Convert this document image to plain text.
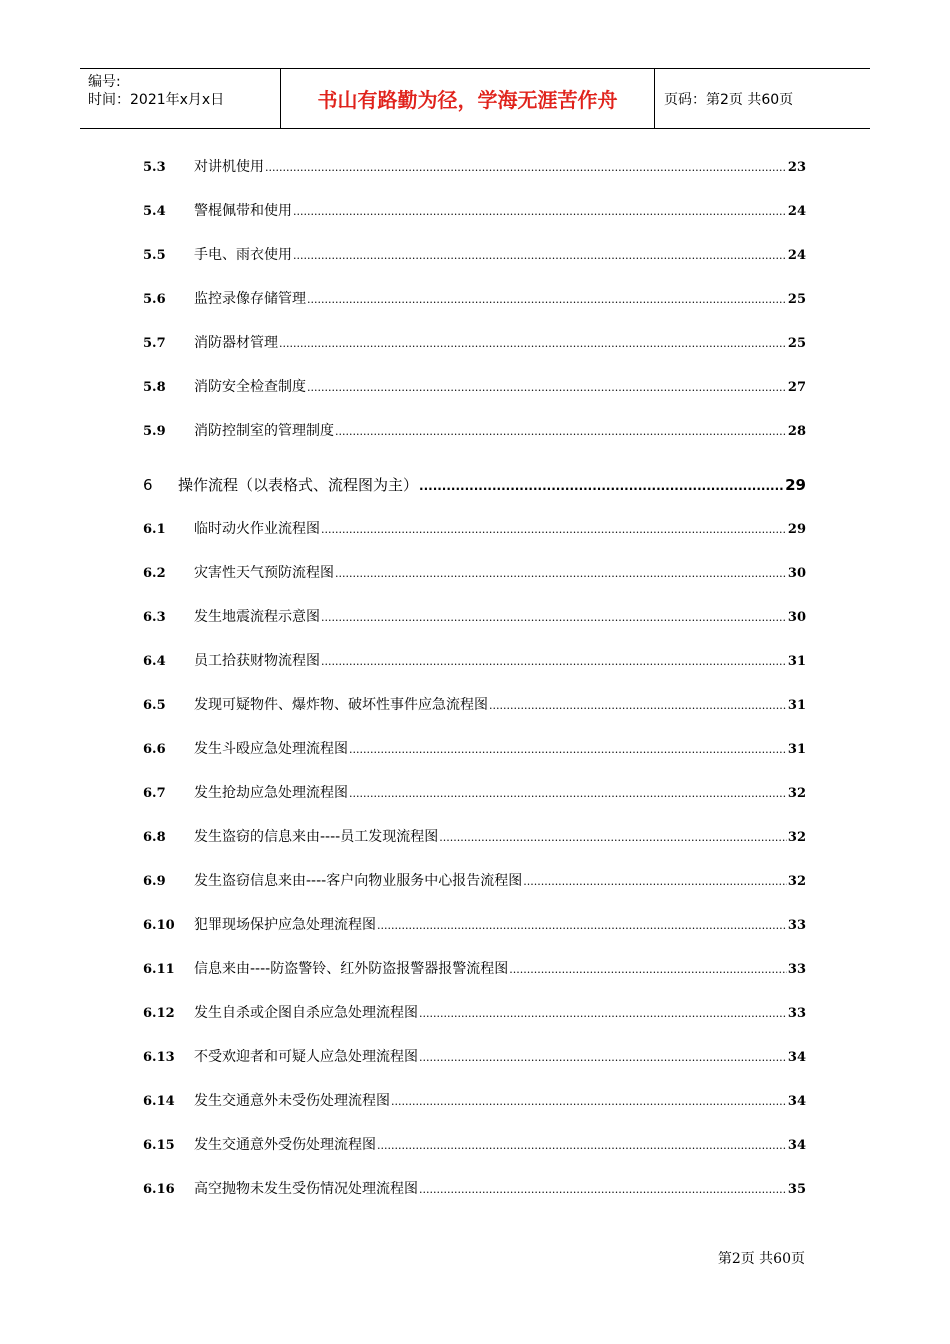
编号:
时间：2021年x月x日	书山有路勤为径，学海无涯苦作舟	页码：第2页 共60页
5.3	对讲机使用 .....	23
5.4	警棍佩带和使用 .....	24
5.5	手电、雨衣使用 .....	24
5.6	监控录像存储管理 .....	25
5.7	消防器材管理 .....	25
5.8	消防安全检查制度 .....	27
5.9	消防控制室的管理制度 .....	28
6	操作流程（以表格式、流程图为主） .....	29
6.1	临时动火作业流程图 .....	29
6.2	灾害性天气预防流程图 .....	30
6.3	发生地震流程示意图 .....	30
6.4	员工拾获财物流程图 .....	31
6.5	发现可疑物件、爆炸物、破坏性事件应急流程图 .....	31
6.6	发生斗殴应急处理流程图 .....	31
6.7	发生抢劫应急处理流程图 .....	32
6.8	发生盗窃的信息来由----员工发现流程图 .....	32
6.9	发生盗窃信息来由----客户向物业服务中心报告流程图 .....	32
6.10	犯罪现场保护应急处理流程图 .....	33
6.11	信息来由----防盗警铃、红外防盗报警器报警流程图 .....	33
6.12	发生自杀或企图自杀应急处理流程图 .....	33
6.13	不受欢迎者和可疑人应急处理流程图 .....	34
6.14	发生交通意外未受伤处理流程图 .....	34
6.15	发生交通意外受伤处理流程图 .....	34
6.16	高空抛物未发生受伤情况处理流程图 .....	35
第2页 共60页
